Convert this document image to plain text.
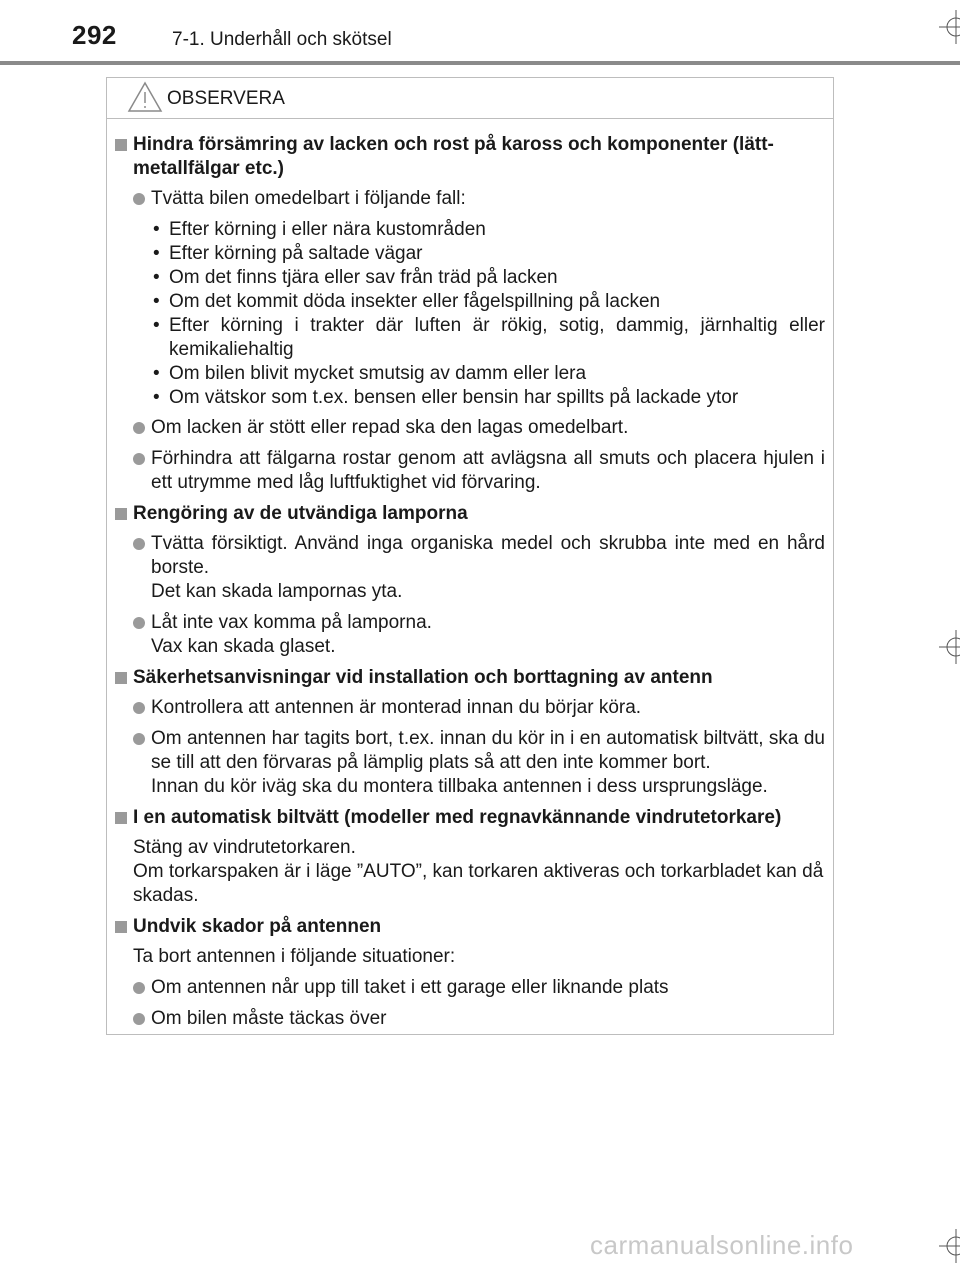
292	7-1. Underhåll och skötsel
OBSERVERA
Hindra försämring av lacken och rost på kaross och komponenter (lätt-metallfälgar etc.)
Tvätta bilen omedelbart i följande fall:
• Efter körning i eller nära kustområden
• Efter körning på saltade vägar
• Om det finns tjära eller sav från träd på lacken
• Om det kommit döda insekter eller fågelspillning på lacken
• Efter körning i trakter där luften är rökig, sotig, dammig, järnhaltig eller kemikaliehaltig
• Om bilen blivit mycket smutsig av damm eller lera
• Om vätskor som t.ex. bensen eller bensin har spillts på lackade ytor
Om lacken är stött eller repad ska den lagas omedelbart.
Förhindra att fälgarna rostar genom att avlägsna all smuts och placera hjulen i ett utrymme med låg luftfuktighet vid förvaring.
Rengöring av de utvändiga lamporna
Tvätta försiktigt. Använd inga organiska medel och skrubba inte med en hård borste.
Det kan skada lampornas yta.
Låt inte vax komma på lamporna.
Vax kan skada glaset.
Säkerhetsanvisningar vid installation och borttagning av antenn
Kontrollera att antennen är monterad innan du börjar köra.
Om antennen har tagits bort, t.ex. innan du kör in i en automatisk biltvätt, ska du se till att den förvaras på lämplig plats så att den inte kommer bort.
Innan du kör iväg ska du montera tillbaka antennen i dess ursprungsläge.
I en automatisk biltvätt (modeller med regnavkännande vindrutetorkare)
Stäng av vindrutetorkaren.
Om torkarspaken är i läge ”AUTO”, kan torkaren aktiveras och torkarbladet kan då skadas.
Undvik skador på antennen
Ta bort antennen i följande situationer:
Om antennen når upp till taket i ett garage eller liknande plats
Om bilen måste täckas över
carmanualsonline.info
